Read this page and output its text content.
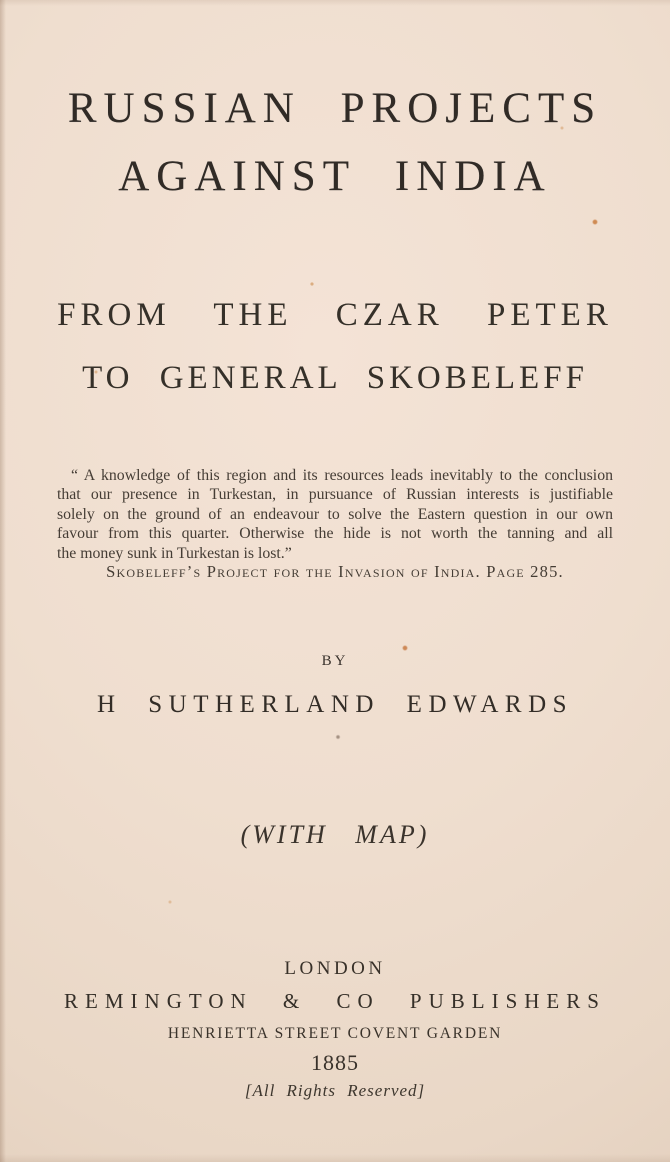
RUSSIAN PROJECTS
AGAINST INDIA
FROM THE CZAR PETER
TO GENERAL SKOBELEFF
“ A knowledge of this region and its resources leads inevitably to the conclusion
that our presence in Turkestan, in pursuance of Russian interests is justifiable
solely on the ground of an endeavour to solve the Eastern question in our own
favour from this quarter. Otherwise the hide is not worth the tanning and all
the money sunk in Turkestan is lost.”
Skobeleff’s Project for the Invasion of India. Page 285.
BY
H SUTHERLAND EDWARDS
(WITH MAP)
LONDON
REMINGTON & CO PUBLISHERS
HENRIETTA STREET COVENT GARDEN
1885
[All Rights Reserved]
